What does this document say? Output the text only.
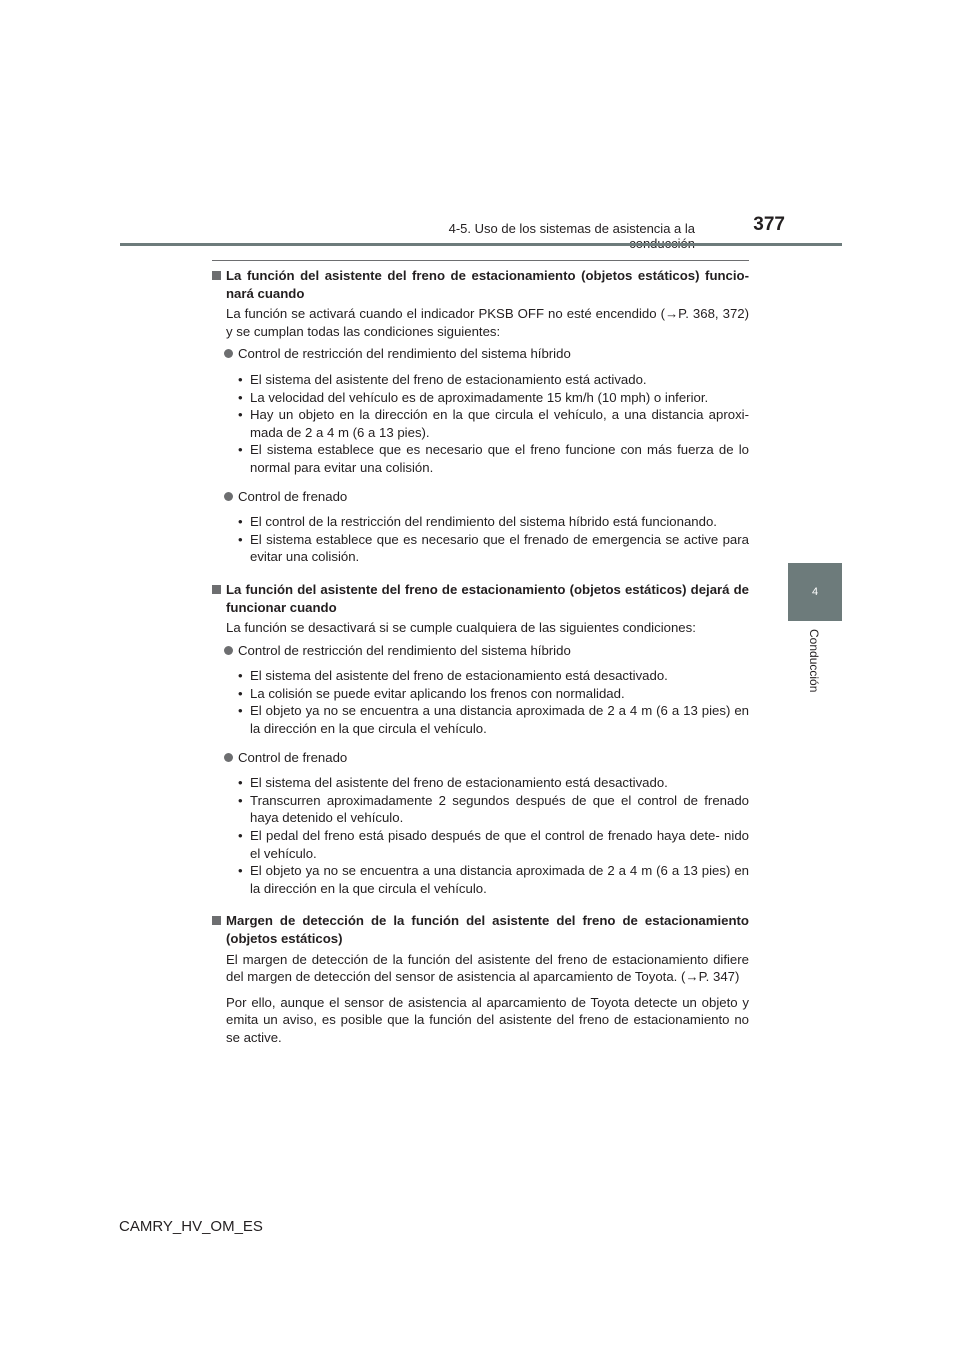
4-5. Uso de los sistemas de asistencia a la	377
4
Conducción
La función del asistente del freno de estacionamiento (objetos estáticos) funcio- nará cuando
La función se activará cuando el indicador PKSB OFF no esté encendido (→P. 368, 372) y se cumplan todas las condiciones siguientes:
Control de restricción del rendimiento del sistema híbrido
• El sistema del asistente del freno de estacionamiento está activado.
• La velocidad del vehículo es de aproximadamente 15 km/h (10 mph) o inferior.
• Hay un objeto en la dirección en la que circula el vehículo, a una distancia aproxi- mada de 2 a 4 m (6 a 13 pies).
• El sistema establece que es necesario que el freno funcione con más fuerza de lo normal para evitar una colisión.
Control de frenado
• El control de la restricción del rendimiento del sistema híbrido está funcionando.
• El sistema establece que es necesario que el frenado de emergencia se active para evitar una colisión.
La función del asistente del freno de estacionamiento (objetos estáticos) dejará de funcionar cuando
La función se desactivará si se cumple cualquiera de las siguientes condiciones:
Control de restricción del rendimiento del sistema híbrido
• El sistema del asistente del freno de estacionamiento está desactivado.
• La colisión se puede evitar aplicando los frenos con normalidad.
• El objeto ya no se encuentra a una distancia aproximada de 2 a 4 m (6 a 13 pies) en la dirección en la que circula el vehículo.
Control de frenado
• El sistema del asistente del freno de estacionamiento está desactivado.
• Transcurren aproximadamente 2 segundos después de que el control de frenado haya detenido el vehículo.
• El pedal del freno está pisado después de que el control de frenado haya dete- nido el vehículo.
• El objeto ya no se encuentra a una distancia aproximada de 2 a 4 m (6 a 13 pies) en la dirección en la que circula el vehículo.
Margen de detección de la función del asistente del freno de estacionamiento (objetos estáticos)
El margen de detección de la función del asistente del freno de estacionamiento difiere del margen de detección del sensor de asistencia al aparcamiento de Toyota. (→P. 347)
Por ello, aunque el sensor de asistencia al aparcamiento de Toyota detecte un objeto y emita un aviso, es posible que la función del asistente del freno de estacionamiento no se active.
CAMRY_HV_OM_ES
